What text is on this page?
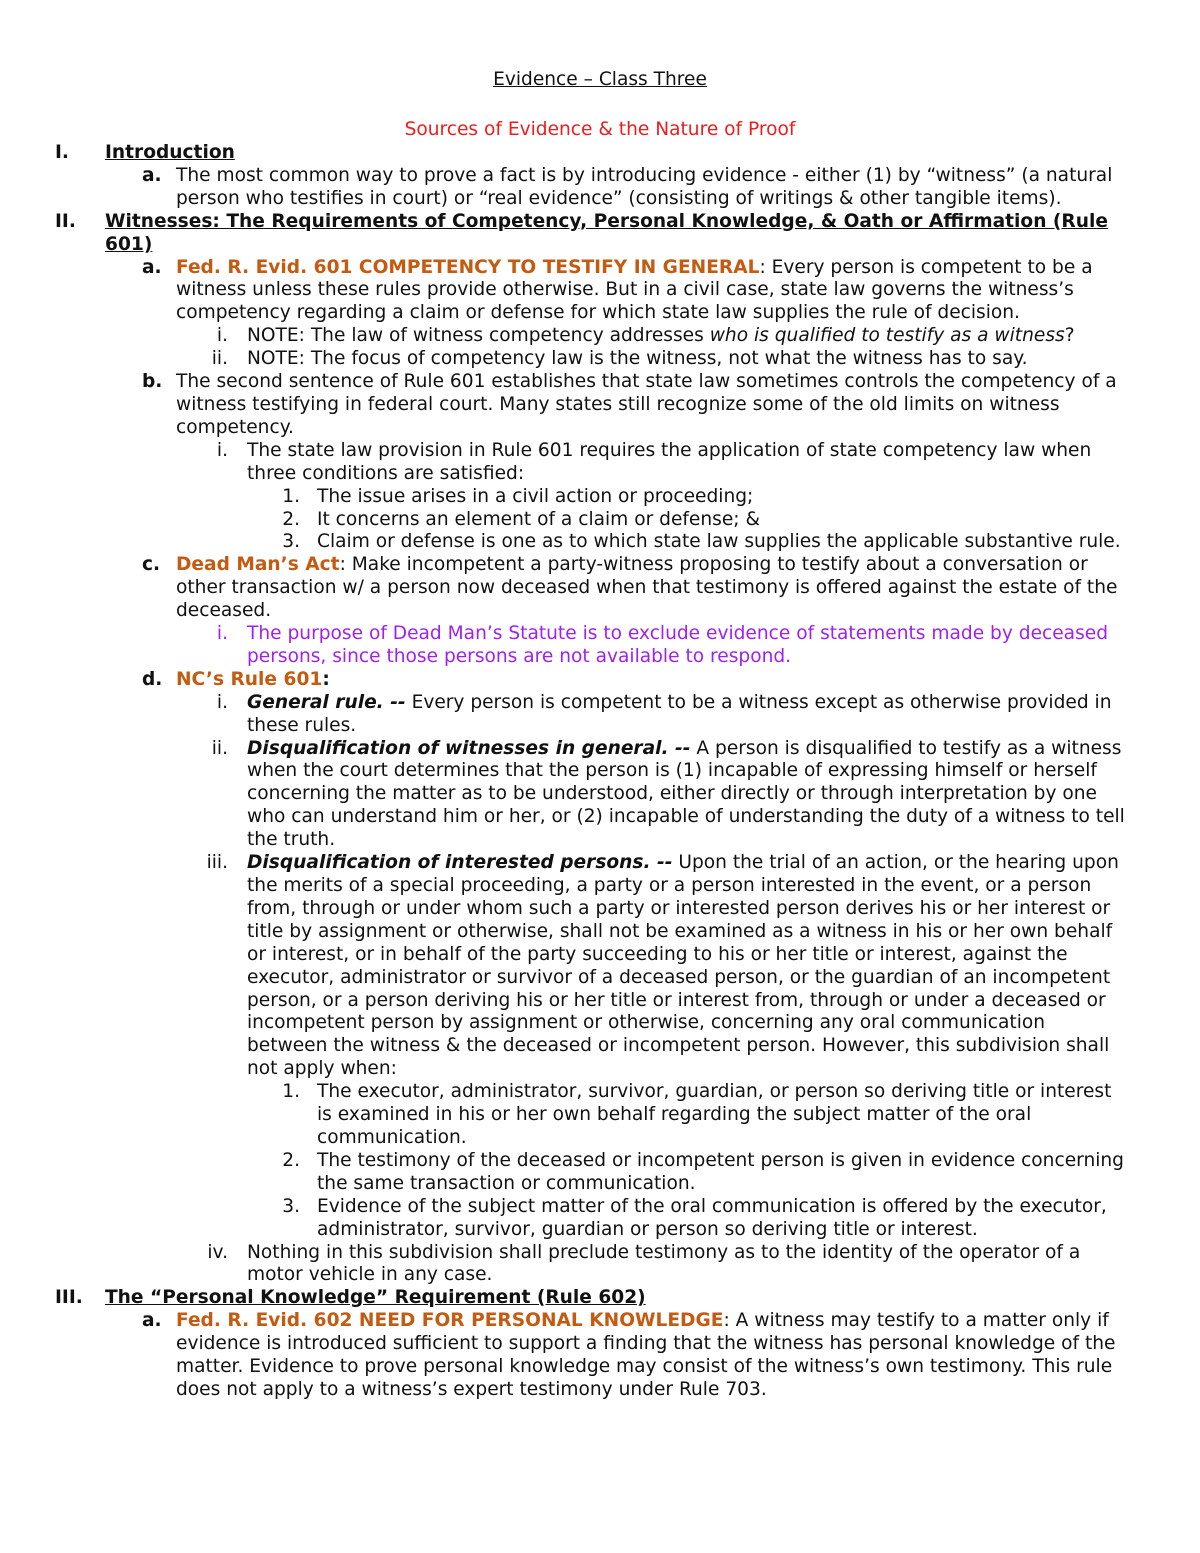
Evidence – Class Three
Sources of Evidence & the Nature of Proof
I. Introduction
a. The most common way to prove a fact is by introducing evidence - either (1) by “witness” (a natural person who testifies in court) or “real evidence” (consisting of writings & other tangible items).
II. Witnesses: The Requirements of Competency, Personal Knowledge, & Oath or Affirmation (Rule 601)
a. Fed. R. Evid. 601 COMPETENCY TO TESTIFY IN GENERAL: Every person is competent to be a witness unless these rules provide otherwise. But in a civil case, state law governs the witness’s competency regarding a claim or defense for which state law supplies the rule of decision.
i. NOTE: The law of witness competency addresses who is qualified to testify as a witness?
ii. NOTE: The focus of competency law is the witness, not what the witness has to say.
b. The second sentence of Rule 601 establishes that state law sometimes controls the competency of a witness testifying in federal court. Many states still recognize some of the old limits on witness competency.
i. The state law provision in Rule 601 requires the application of state competency law when three conditions are satisfied:
1. The issue arises in a civil action or proceeding;
2. It concerns an element of a claim or defense; &
3. Claim or defense is one as to which state law supplies the applicable substantive rule.
c. Dead Man’s Act: Make incompetent a party-witness proposing to testify about a conversation or other transaction w/ a person now deceased when that testimony is offered against the estate of the deceased.
i. The purpose of Dead Man’s Statute is to exclude evidence of statements made by deceased persons, since those persons are not available to respond.
d. NC’s Rule 601:
i. General rule. -- Every person is competent to be a witness except as otherwise provided in these rules.
ii. Disqualification of witnesses in general. -- A person is disqualified to testify as a witness when the court determines that the person is (1) incapable of expressing himself or herself concerning the matter as to be understood, either directly or through interpretation by one who can understand him or her, or (2) incapable of understanding the duty of a witness to tell the truth.
iii. Disqualification of interested persons. -- Upon the trial of an action, or the hearing upon the merits of a special proceeding, a party or a person interested in the event, or a person from, through or under whom such a party or interested person derives his or her interest or title by assignment or otherwise, shall not be examined as a witness in his or her own behalf or interest, or in behalf of the party succeeding to his or her title or interest, against the executor, administrator or survivor of a deceased person, or the guardian of an incompetent person, or a person deriving his or her title or interest from, through or under a deceased or incompetent person by assignment or otherwise, concerning any oral communication between the witness & the deceased or incompetent person. However, this subdivision shall not apply when:
1. The executor, administrator, survivor, guardian, or person so deriving title or interest is examined in his or her own behalf regarding the subject matter of the oral communication.
2. The testimony of the deceased or incompetent person is given in evidence concerning the same transaction or communication.
3. Evidence of the subject matter of the oral communication is offered by the executor, administrator, survivor, guardian or person so deriving title or interest.
iv. Nothing in this subdivision shall preclude testimony as to the identity of the operator of a motor vehicle in any case.
III. The “Personal Knowledge” Requirement (Rule 602)
a. Fed. R. Evid. 602 NEED FOR PERSONAL KNOWLEDGE: A witness may testify to a matter only if evidence is introduced sufficient to support a finding that the witness has personal knowledge of the matter. Evidence to prove personal knowledge may consist of the witness’s own testimony. This rule does not apply to a witness’s expert testimony under Rule 703.
